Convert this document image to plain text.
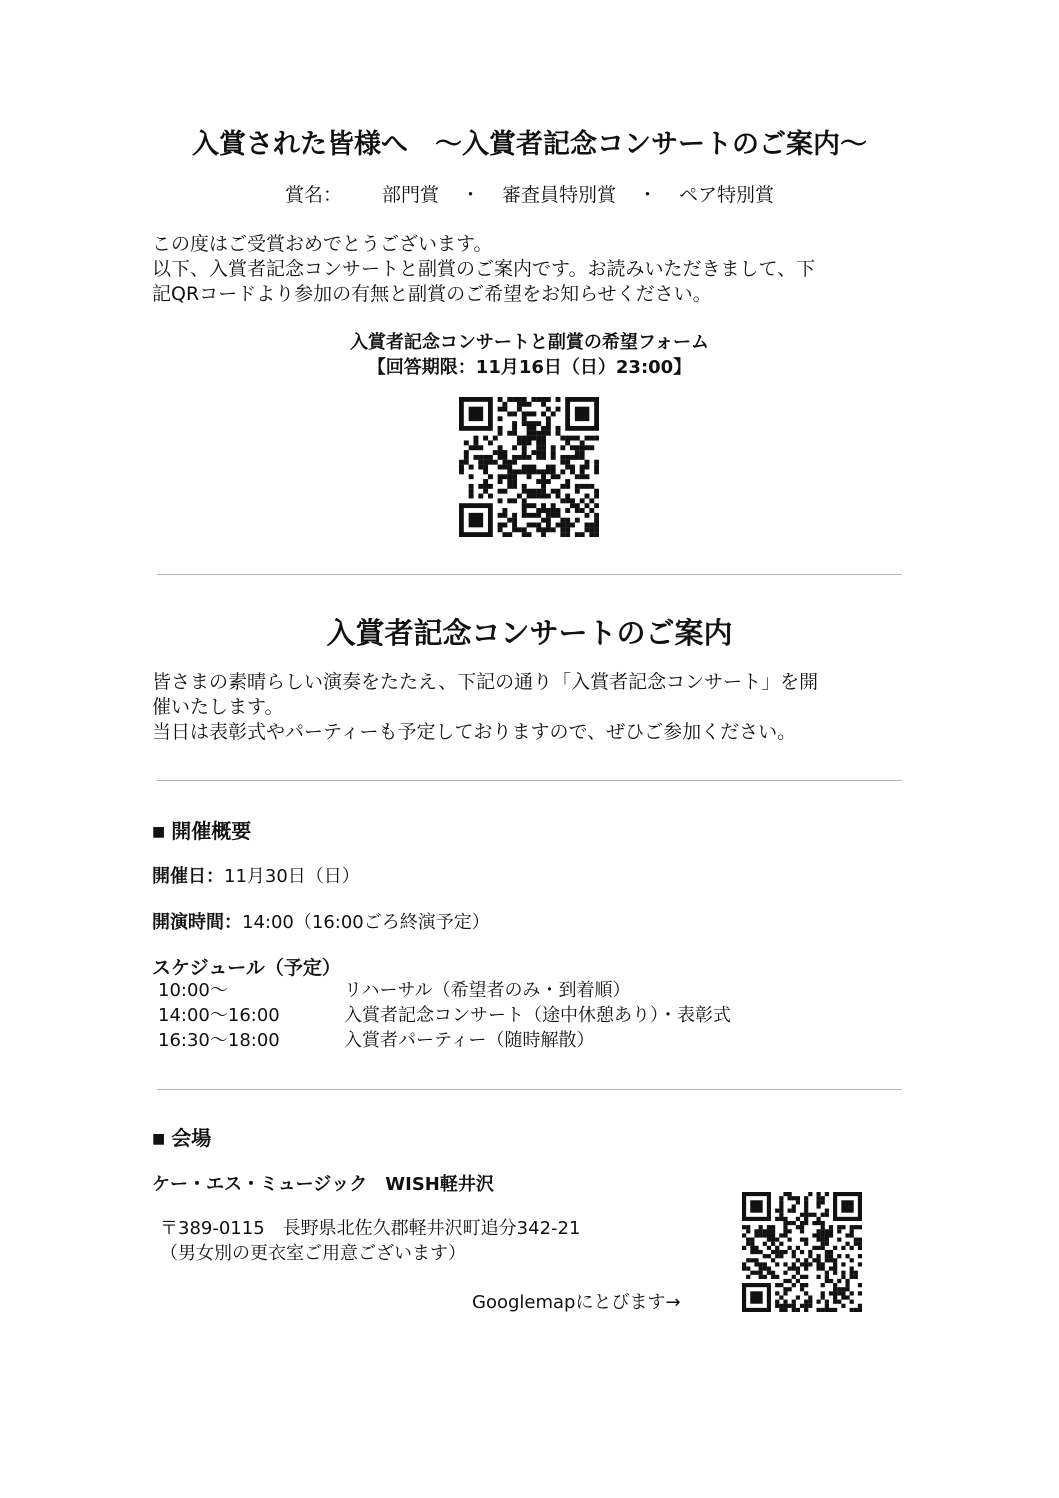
入賞された皆様へ　～入賞者記念コンサートのご案内～
賞名： 部門賞 ・ 審査員特別賞 ・ ペア特別賞
この度はご受賞おめでとうございます。
以下、入賞者記念コンサートと副賞のご案内です。お読みいただきまして、下
記QRコードより参加の有無と副賞のご希望をお知らせください。
入賞者記念コンサートと副賞の希望フォーム
【回答期限：11月16日（日）23:00】
入賞者記念コンサートのご案内
皆さまの素晴らしい演奏をたたえ、下記の通り「入賞者記念コンサート」を開
催いたします。
当日は表彰式やパーティーも予定しておりますので、ぜひご参加ください。
■ 開催概要
開催日：11月30日（日）
開演時間：14:00（16:00ごろ終演予定）
スケジュール（予定）
10:00～	リハーサル（希望者のみ・到着順）
14:00～16:00	入賞者記念コンサート（途中休憩あり）・表彰式
16:30～18:00	入賞者パーティー（随時解散）
■ 会場
ケー・エス・ミュージック　WISH軽井沢
〒389-0115　長野県北佐久郡軽井沢町追分342-21
（男女別の更衣室ご用意ございます）
Googlemapにとびます→
